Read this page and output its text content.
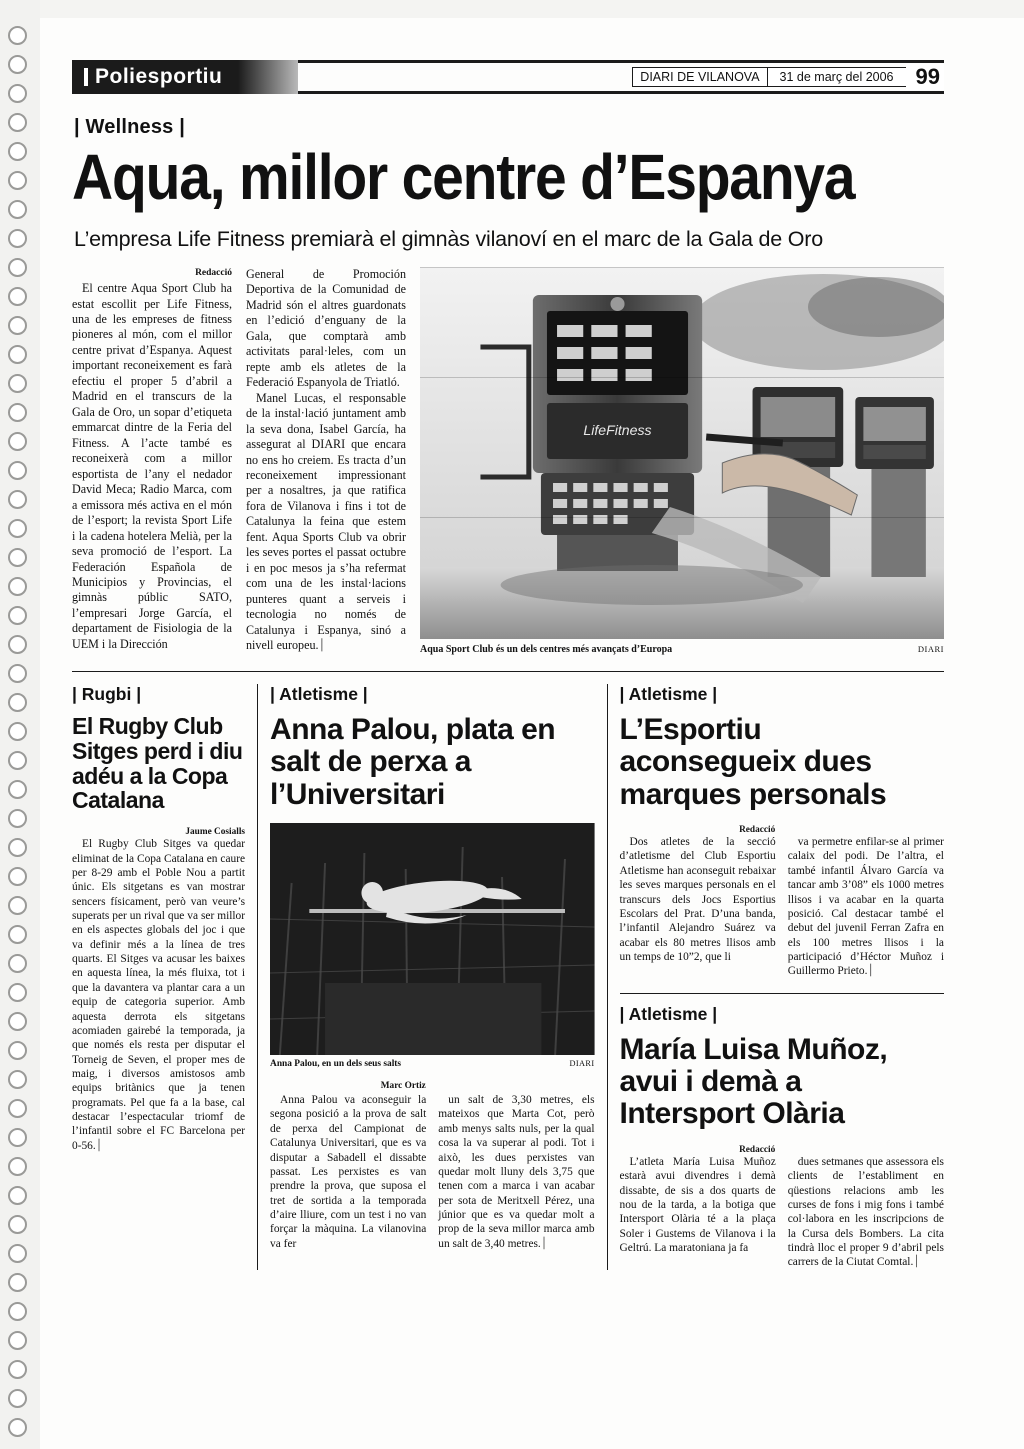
Poliesportiu	DIARI DE VILANOVA	31 de març del 2006	99
| Wellness |
Aqua, millor centre d’Espanya
L’empresa Life Fitness premiarà el gimnàs vilanoví en el marc de la Gala de Oro
Redacció

El centre Aqua Sport Club ha estat escollit per Life Fitness, una de les empreses de fitness pioneres al món, com el millor centre privat d’Espanya. Aquest important reconeixement es farà efectiu el proper 5 d’abril a Madrid en el transcurs de la Gala de Oro, un sopar d’etiqueta emmarcat dintre de la Feria del Fitness. A l’acte també es reconeixerà com a millor esportista de l’any el nedador David Meca; Radio Marca, com a emissora més activa en el món de l’esport; la revista Sport Life i la cadena hotelera Melià, per la seva promoció de l’esport. La Federación Española de Municipios y Provincias, el gimnàs públic SATO, l’empresari Jorge García, el departament de Fisiologia de la UEM i la Dirección

General de Promoción Deportiva de la Comunidad de Madrid són el altres guardonats en l’edició d’enguany de la Gala, que comptarà amb activitats paral·leles, com un repte amb els atletes de la Federació Espanyola de Triatló.

Manel Lucas, el responsable de la instal·lació juntament amb la seva dona, Isabel García, ha assegurat al DIARI que encara no ens ho creiem. Es tracta d’un reconeixement impressionant per a nosaltres, ja que ratifica fora de Vilanova i fins i tot de Catalunya la feina que estem fent. Aqua Sports Club va obrir les seves portes el passat octubre i en poc mesos ja s’ha refermat com una de les instal·lacions punteres quant a serveis i tecnologia no només de Catalunya i Espanya, sinó a nivell europeu.⏐

LifeFitness
Aqua Sport Club és un dels centres més avançats d’Europa	DIARI
| Rugbi |
El Rugby Club Sitges perd i diu adéu a la Copa Catalana
Jaume Cosialls

El Rugby Club Sitges va quedar eliminat de la Copa Catalana en caure per 8-29 amb el Poble Nou a partit únic. Els sitgetans es van mostrar sencers físicament, però van veure’s superats per un rival que va ser millor en els aspectes globals del joc i que va definir més a la línea de tres quarts. El Sitges va acusar les baixes en aquesta línea, la més fluixa, tot i que la davantera va plantar cara a un equip de categoria superior. Amb aquesta derrota els sitgetans acomiaden gairebé la temporada, ja que només els resta per disputar el Torneig de Seven, el proper mes de maig, i diversos amistosos amb equips britànics que ja tenen programats. Pel que fa a la base, cal destacar l’espectacular triomf de l’infantil sobre el FC Barcelona per 0-56.⏐

| Atletisme |
Anna Palou, plata en salt de perxa a l’Universitari
Anna Palou, en un dels seus salts	DIARI
Marc Ortiz

Anna Palou va aconseguir la segona posició a la prova de salt de perxa del Campionat de Catalunya Universitari, que es va disputar a Sabadell el dissabte passat. Les perxistes es van prendre la prova, que suposa el tret de sortida a la temporada d’aire lliure, com un test i no van forçar la màquina. La vilanovina va fer

un salt de 3,30 metres, els mateixos que Marta Cot, però amb menys salts nuls, per la qual cosa la va superar al podi. Tot i això, les dues perxistes van quedar molt lluny dels 3,75 que tenen com a marca i van acabar per sota de Meritxell Pérez, una júnior que es va quedar molt a prop de la seva millor marca amb un salt de 3,40 metres.⏐

| Atletisme |
L’Esportiu aconsegueix dues marques personals
Redacció

Dos atletes de la secció d’atletisme del Club Esportiu Atletisme han aconseguit rebaixar les seves marques personals en el transcurs dels Jocs Esportius Escolars del Prat. D’una banda, l’infantil Alejandro Suárez va acabar els 80 metres llisos amb un temps de 10”2, que li

va permetre enfilar-se al primer calaix del podi. De l’altra, el també infantil Álvaro García va tancar amb 3’08” els 1000 metres llisos i va acabar en la quarta posició. Cal destacar també el debut del juvenil Ferran Zafra en els 100 metres llisos i la participació d’Héctor Muñoz i Guillermo Prieto.⏐

| Atletisme |
María Luisa Muñoz, avui i demà a Intersport Olària
Redacció

L’atleta María Luisa Muñoz estarà avui divendres i demà dissabte, de sis a dos quarts de nou de la tarda, a la botiga que Intersport Olària té a la plaça Soler i Gustems de Vilanova i la Geltrú. La maratoniana ja fa

dues setmanes que assessora els clients de l’establiment en qüestions relacions amb les curses de fons i mig fons i també col·labora en les inscripcions de la Cursa dels Bombers. La cita tindrà lloc el proper 9 d’abril pels carrers de la Ciutat Comtal.⏐
